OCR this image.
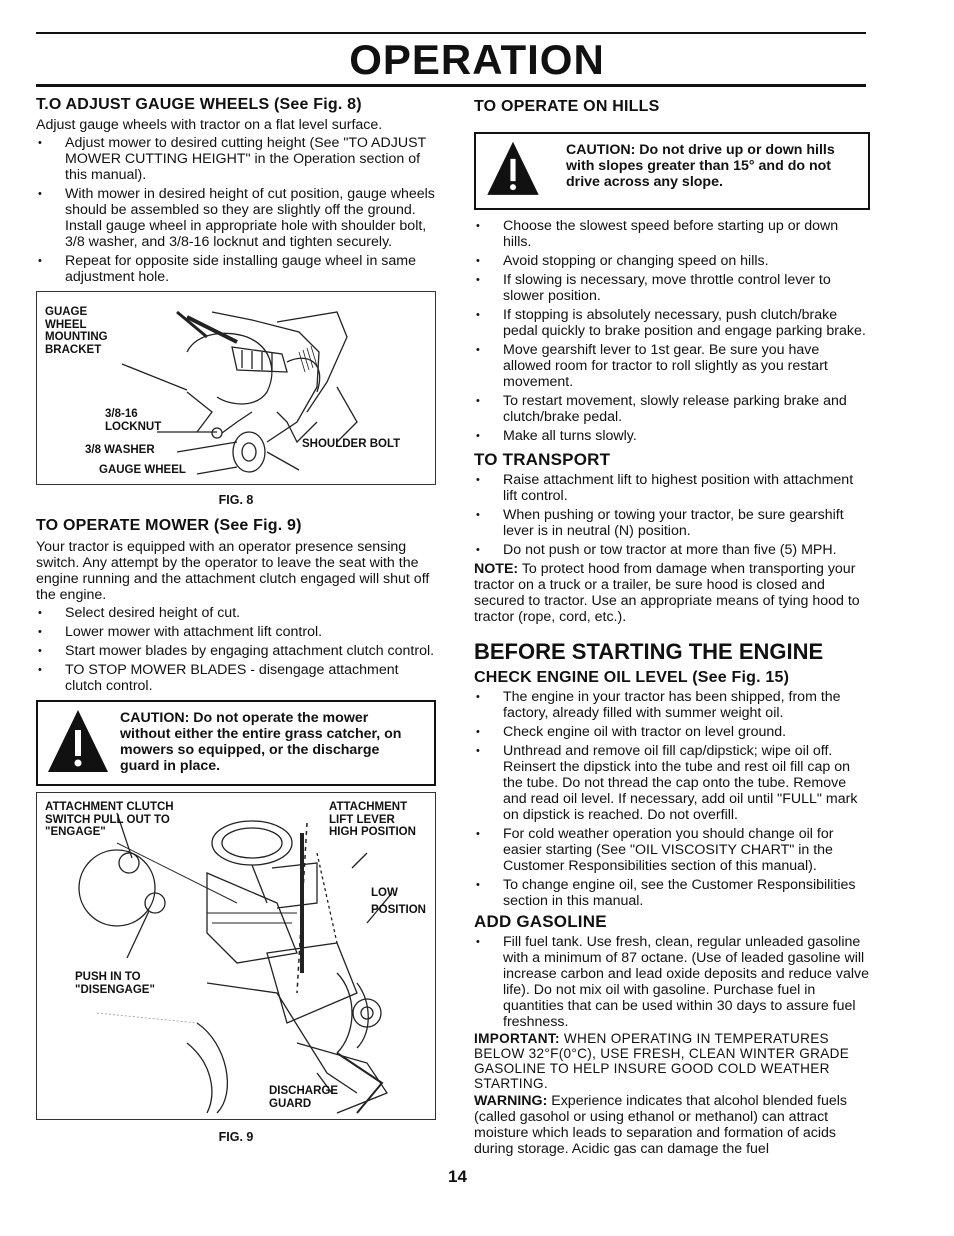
OPERATION
T.O ADJUST GAUGE WHEELS (See Fig. 8)

Adjust gauge wheels with tractor on a flat level surface.

• Adjust mower to desired cutting height (See "TO ADJUST MOWER CUTTING HEIGHT" in the Operation section of this manual).
• With mower in desired height of cut position, gauge wheels should be assembled so they are slightly off the ground. Install gauge wheel in appropriate hole with shoulder bolt, 3/8 washer, and 3/8-16 locknut and tighten securely.
• Repeat for opposite side installing gauge wheel in same adjustment hole.
GUAGE
WHEEL
MOUNTING
BRACKET
3/8-16
LOCKNUT
3/8 WASHER	SHOULDER BOLT
GAUGE WHEEL
FIG. 8
TO OPERATE MOWER (See Fig. 9)

Your tractor is equipped with an operator presence sensing switch. Any attempt by the operator to leave the seat with the engine running and the attachment clutch engaged will shut off the engine.

• Select desired height of cut.
• Lower mower with attachment lift control.
• Start mower blades by engaging attachment clutch control.
• TO STOP MOWER BLADES - disengage attachment clutch control.
CAUTION: Do not operate the mower without either the entire grass catcher, on mowers so equipped, or the discharge guard in place.
ATTACHMENT CLUTCH
SWITCH PULL OUT TO
"ENGAGE"
ATTACHMENT
LIFT LEVER
HIGH POSITION
LOW
POSITION
PUSH IN TO
"DISENGAGE"
DISCHARGE
GUARD
FIG. 9
TO OPERATE ON HILLS
CAUTION: Do not drive up or down hills with slopes greater than 15° and do not drive across any slope.
• Choose the slowest speed before starting up or down hills.
• Avoid stopping or changing speed on hills.
• If slowing is necessary, move throttle control lever to slower position.
• If stopping is absolutely necessary, push clutch/brake pedal quickly to brake position and engage parking brake.
• Move gearshift lever to 1st gear. Be sure you have allowed room for tractor to roll slightly as you restart movement.
• To restart movement, slowly release parking brake and clutch/brake pedal.
• Make all turns slowly.
TO TRANSPORT
• Raise attachment lift to highest position with attachment lift control.
• When pushing or towing your tractor, be sure gearshift lever is in neutral (N) position.
• Do not push or tow tractor at more than five (5) MPH.

NOTE: To protect hood from damage when transporting your tractor on a truck or a trailer, be sure hood is closed and secured to tractor. Use an appropriate means of tying hood to tractor (rope, cord, etc.).

BEFORE STARTING THE ENGINE
CHECK ENGINE OIL LEVEL (See Fig. 15)
• The engine in your tractor has been shipped, from the factory, already filled with summer weight oil.
• Check engine oil with tractor on level ground.
• Unthread and remove oil fill cap/dipstick; wipe oil off. Reinsert the dipstick into the tube and rest oil fill cap on the tube. Do not thread the cap onto the tube. Remove and read oil level. If necessary, add oil until "FULL" mark on dipstick is reached. Do not overfill.
• For cold weather operation you should change oil for easier starting (See "OIL VISCOSITY CHART" in the Customer Responsibilities section of this manual).
• To change engine oil, see the Customer Responsibilities section in this manual.
ADD GASOLINE
• Fill fuel tank. Use fresh, clean, regular unleaded gasoline with a minimum of 87 octane. (Use of leaded gasoline will increase carbon and lead oxide deposits and reduce valve life). Do not mix oil with gasoline. Purchase fuel in quantities that can be used within 30 days to assure fuel freshness.

IMPORTANT: WHEN OPERATING IN TEMPERATURES BELOW 32°F(0°C), USE FRESH, CLEAN WINTER GRADE GASOLINE TO HELP INSURE GOOD COLD WEATHER STARTING.

WARNING: Experience indicates that alcohol blended fuels (called gasohol or using ethanol or methanol) can attract moisture which leads to separation and formation of acids during storage. Acidic gas can damage the fuel

14
